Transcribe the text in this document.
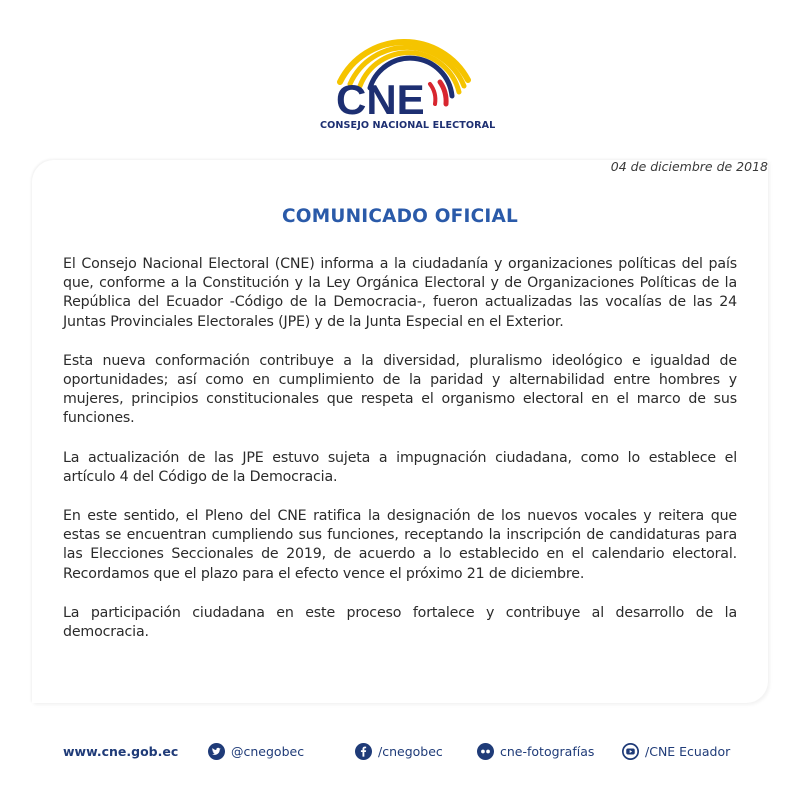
CNE
CONSEJO NACIONAL ELECTORAL
04 de diciembre de 2018
COMUNICADO OFICIAL

El Consejo Nacional Electoral (CNE) informa a la ciudadanía y organizaciones políticas del país que, conforme a la Constitución y la Ley Orgánica Electoral y de Organizaciones Políticas de la República del Ecuador -Código de la Democracia-, fueron actualizadas las vocalías de las 24 Juntas Provinciales Electorales (JPE) y de la Junta Especial en el Exterior.

Esta nueva conformación contribuye a la diversidad, pluralismo ideológico e igualdad de oportunidades; así como en cumplimiento de la paridad y alternabilidad entre hombres y mujeres, principios constitucionales que respeta el organismo electoral en el marco de sus funciones.

La actualización de las JPE estuvo sujeta a impugnación ciudadana, como lo establece el artículo 4 del Código de la Democracia.

En este sentido, el Pleno del CNE ratifica la designación de los nuevos vocales y reitera que estas se encuentran cumpliendo sus funciones, receptando la inscripción de candidaturas para las Elecciones Seccionales de 2019, de acuerdo a lo establecido en el calendario electoral. Recordamos que el plazo para el efecto vence el próximo 21 de diciembre.

La participación ciudadana en este proceso fortalece y contribuye al desarrollo de la democracia.

www.cne.gob.ec	@cnegobec	/cnegobec	cne-fotografías	/CNE Ecuador
